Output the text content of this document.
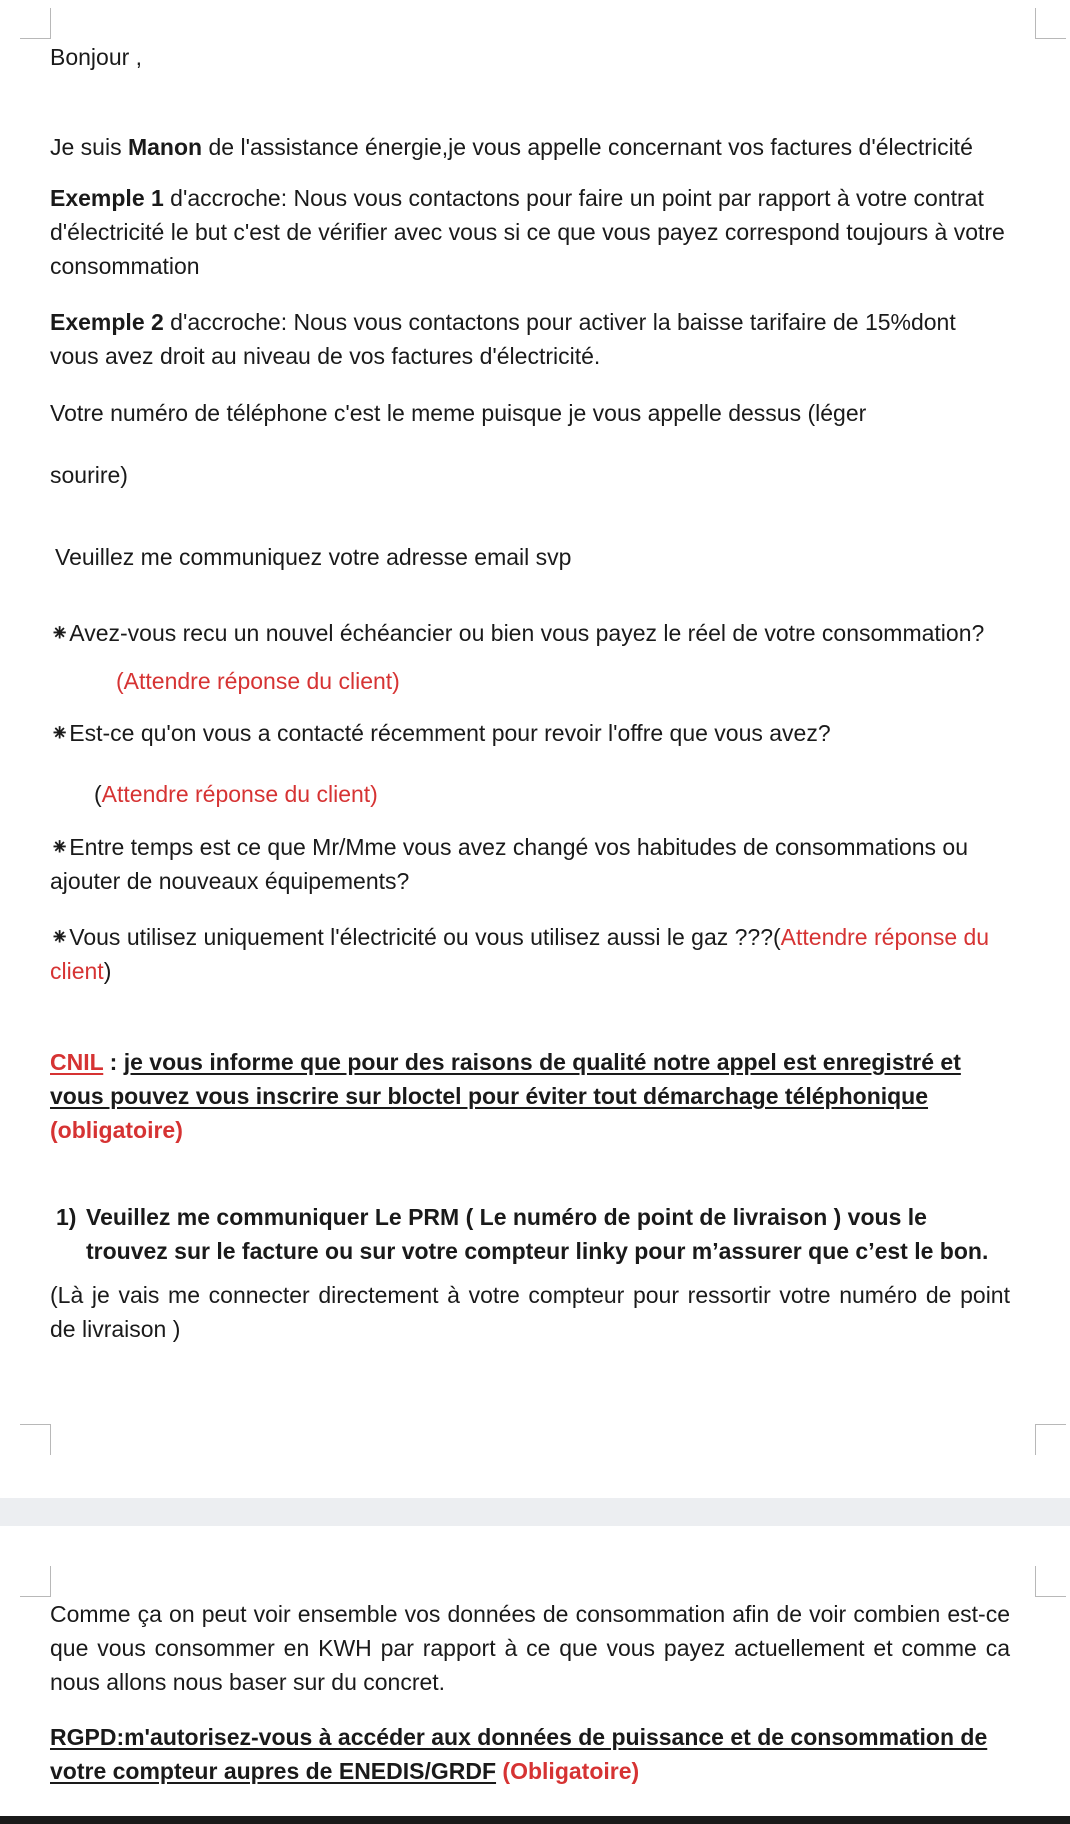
Bonjour ,

Je suis Manon de l'assistance énergie,je vous appelle concernant vos factures d'électricité

Exemple 1 d'accroche: Nous vous contactons pour faire un point par rapport à votre contrat d'électricité le but c'est de vérifier avec vous si ce que vous payez correspond toujours à votre consommation

Exemple 2 d'accroche: Nous vous contactons pour activer la baisse tarifaire de 15%dont vous avez droit au niveau de vos factures d'électricité.

Votre numéro de téléphone c'est le meme puisque je vous appelle dessus (léger

sourire)

Veuillez me communiquez votre adresse email svp

⁕Avez-vous recu un nouvel échéancier ou bien vous payez le réel de votre consommation?

(Attendre réponse du client)

⁕Est-ce qu'on vous a contacté récemment pour revoir l'offre que vous avez?

(Attendre réponse du client)

⁕Entre temps est ce que Mr/Mme vous avez changé vos habitudes de consommations ou ajouter de nouveaux équipements?

⁕Vous utilisez uniquement l'électricité ou vous utilisez aussi le gaz ???(Attendre réponse du client)

CNIL : je vous informe que pour des raisons de qualité notre appel est enregistré et vous pouvez vous inscrire sur bloctel pour éviter tout démarchage téléphonique (obligatoire)

1) Veuillez me communiquer Le PRM ( Le numéro de point de livraison ) vous le trouvez sur le facture ou sur votre compteur linky pour m’assurer que c’est le bon.

(Là je vais me connecter directement à votre compteur pour ressortir votre numéro de point de livraison )

Comme ça on peut voir ensemble vos données de consommation afin de voir combien est-ce que vous consommer en KWH par rapport à ce que vous payez actuellement et comme ca nous allons nous baser sur du concret.

RGPD:m'autorisez-vous à accéder aux données de puissance et de consommation de votre compteur aupres de ENEDIS/GRDF (Obligatoire)
